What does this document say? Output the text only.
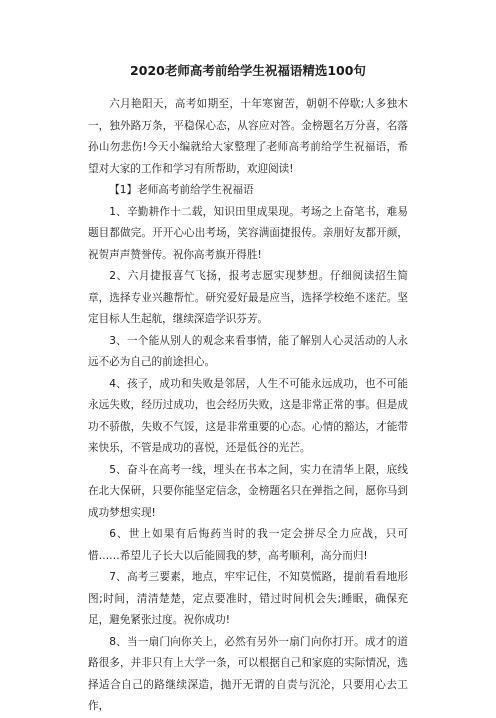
2020老师高考前给学生祝福语精选100句

六月艳阳天，高考如期至，十年寒窗苦，朝朝不停歇;人多独木一，独外路万条，平稳保心态，从容应对答。金榜题名万分喜，名落孙山勿悲伤!今天小编就给大家整理了老师高考前给学生祝福语，希望对大家的工作和学习有所帮助，欢迎阅读!

【1】老师高考前给学生祝福语

1、辛勤耕作十二载，知识田里成果现。考场之上奋笔书，难易题目都做完。开开心心出考场，笑容满面捷报传。亲朋好友都开颜，祝贺声声赞誉传。祝你高考旗开得胜!

2、六月捷报喜气飞扬，报考志愿实现梦想。仔细阅读招生简章，选择专业兴趣帮忙。研究爱好最是应当，选择学校绝不迷茫。坚定目标人生起航，继续深造学识芬芳。

3、一个能从别人的观念来看事情，能了解别人心灵活动的人永远不必为自己的前途担心。

4、孩子，成功和失败是邻居，人生不可能永远成功，也不可能永远失败，经历过成功，也会经历失败，这是非常正常的事。但是成功不骄傲，失败不气馁，这是非常重要的心态。心情的豁达，才能带来快乐，不管是成功的喜悦，还是低谷的光芒。

5、奋斗在高考一线，埋头在书本之间，实力在清华上限，底线在北大保研，只要你能坚定信念，金榜题名只在弹指之间，愿你马到成功梦想实现!

6、世上如果有后悔药当时的我一定会拼尽全力应战，只可惜……希望儿子长大以后能圆我的梦，高考顺利，高分而归!

7、高考三要素，地点，牢牢记住，不知莫慌路，提前看看地形图;时间，清清楚楚，定点要准时，错过时间机会失;睡眠，确保充足，避免紧张过度。祝你成功!

8、当一扇门向你关上，必然有另外一扇门向你打开。成才的道路很多，并非只有上大学一条，可以根据自己和家庭的实际情况，选择适合自己的路继续深造，抛开无谓的自责与沉沦，只要用心去工作，
